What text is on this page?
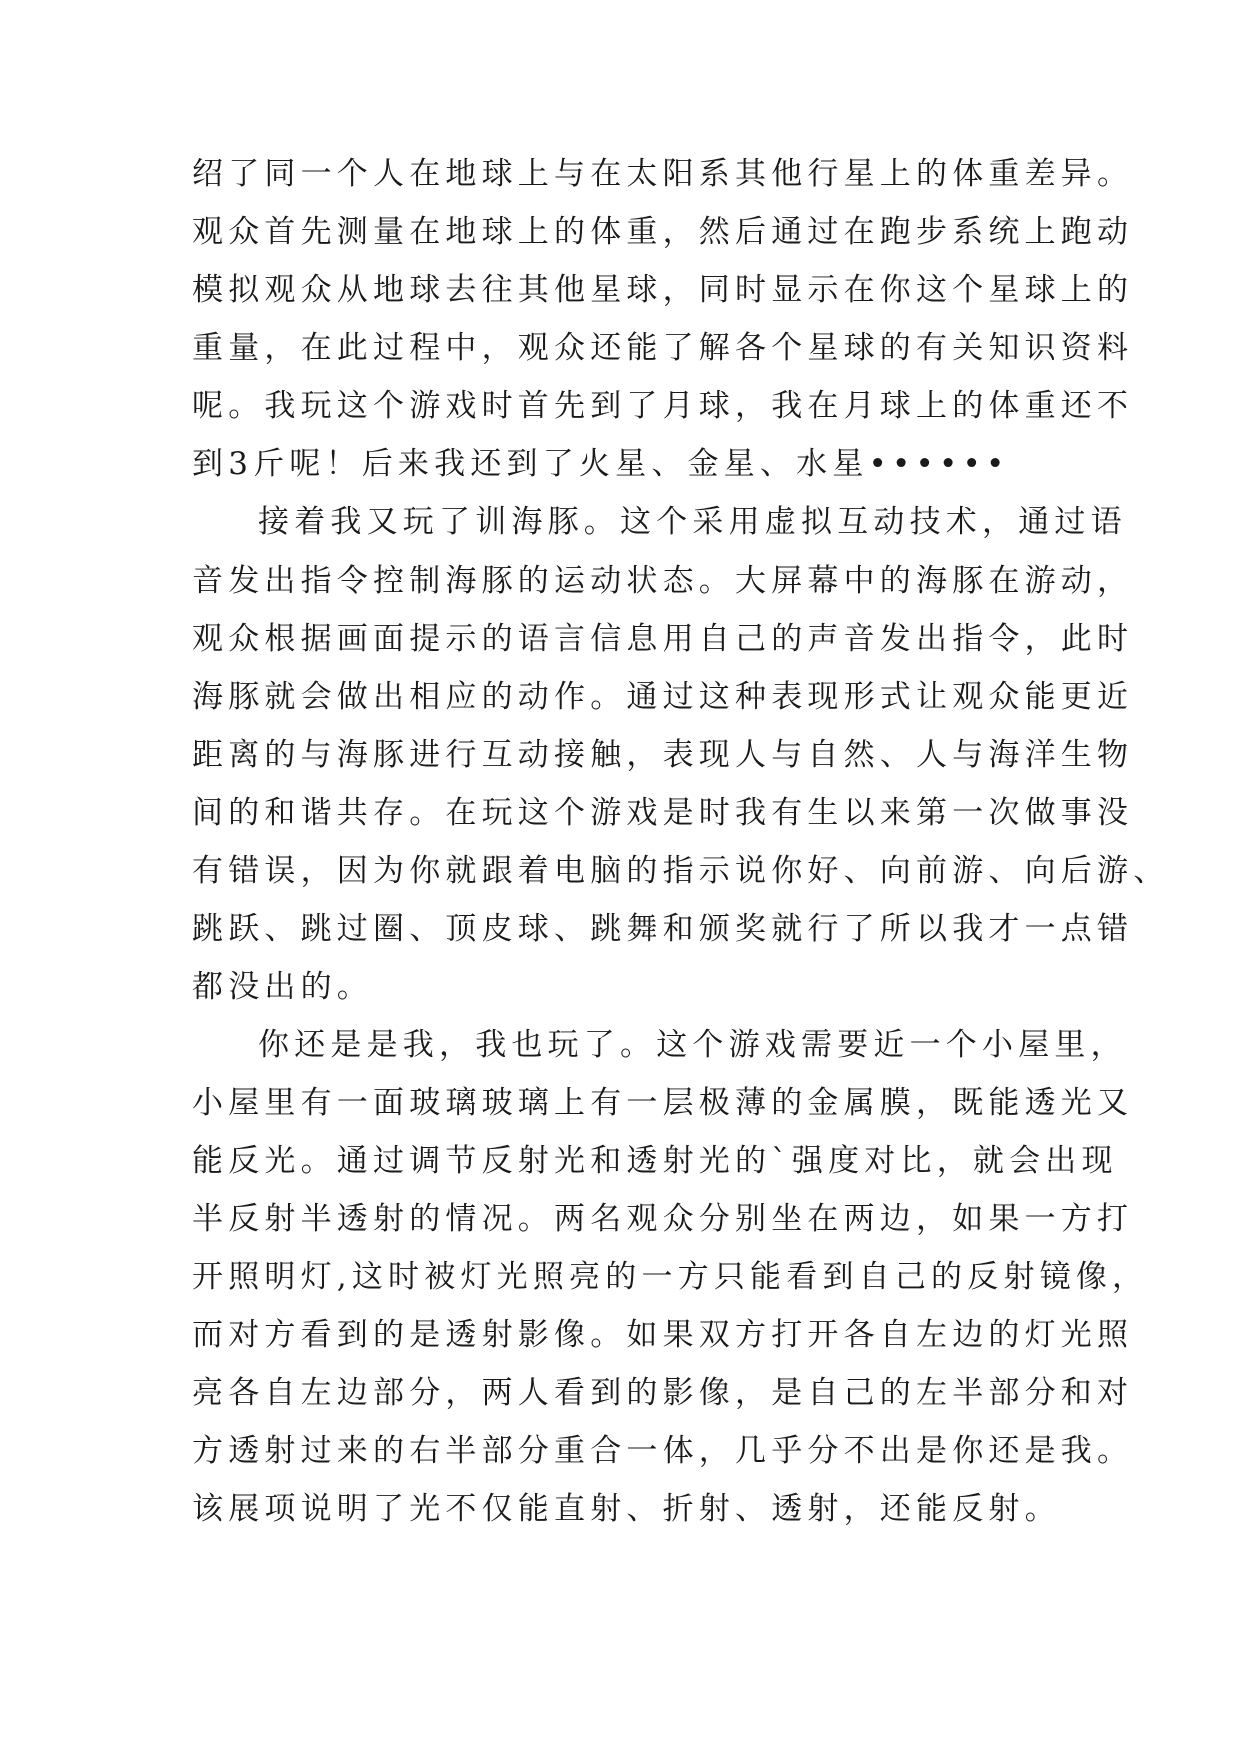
绍了同一个人在地球上与在太阳系其他行星上的体重差异。
观众首先测量在地球上的体重，然后通过在跑步系统上跑动
模拟观众从地球去往其他星球，同时显示在你这个星球上的
重量，在此过程中，观众还能了解各个星球的有关知识资料
呢。我玩这个游戏时首先到了月球，我在月球上的体重还不
到3斤呢！后来我还到了火星、金星、水星••••••
接着我又玩了训海豚。这个采用虚拟互动技术，通过语
音发出指令控制海豚的运动状态。大屏幕中的海豚在游动，
观众根据画面提示的语言信息用自己的声音发出指令，此时
海豚就会做出相应的动作。通过这种表现形式让观众能更近
距离的与海豚进行互动接触，表现人与自然、人与海洋生物
间的和谐共存。在玩这个游戏是时我有生以来第一次做事没
有错误，因为你就跟着电脑的指示说你好、向前游、向后游、
跳跃、跳过圈、顶皮球、跳舞和颁奖就行了所以我才一点错
都没出的。
你还是是我，我也玩了。这个游戏需要近一个小屋里，
小屋里有一面玻璃玻璃上有一层极薄的金属膜，既能透光又
能反光。通过调节反射光和透射光的`强度对比，就会出现
半反射半透射的情况。两名观众分别坐在两边，如果一方打
开照明灯,这时被灯光照亮的一方只能看到自己的反射镜像，
而对方看到的是透射影像。如果双方打开各自左边的灯光照
亮各自左边部分，两人看到的影像，是自己的左半部分和对
方透射过来的右半部分重合一体，几乎分不出是你还是我。
该展项说明了光不仅能直射、折射、透射，还能反射。
